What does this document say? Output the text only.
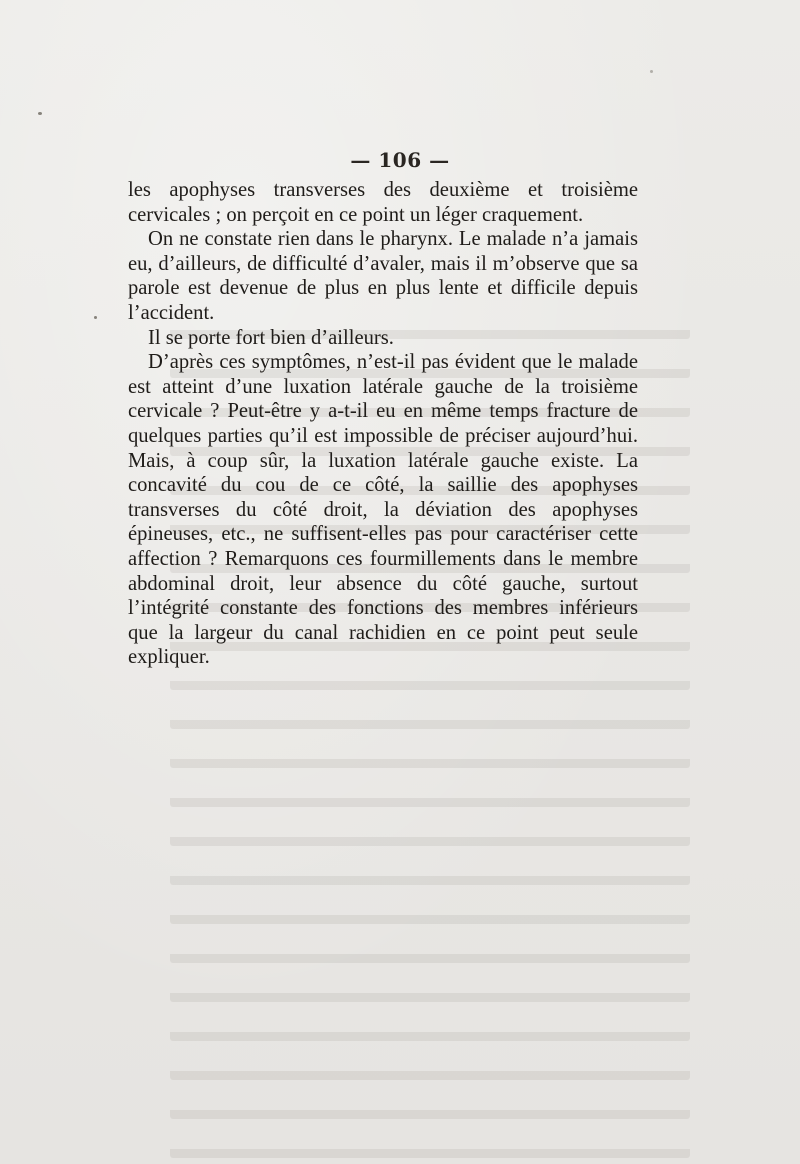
— 106 —

les apophyses transverses des deuxième et troisième cervicales ; on perçoit en ce point un léger craquement.

On ne constate rien dans le pharynx. Le malade n’a jamais eu, d’ailleurs, de difficulté d’avaler, mais il m’observe que sa parole est devenue de plus en plus lente et difficile depuis l’accident.

Il se porte fort bien d’ailleurs.

D’après ces symptômes, n’est-il pas évident que le malade est atteint d’une luxation latérale gauche de la troisième cervicale ? Peut-être y a-t-il eu en même temps fracture de quelques parties qu’il est impossible de préciser aujourd’hui. Mais, à coup sûr, la luxation latérale gauche existe. La concavité du cou de ce côté, la saillie des apophyses transverses du côté droit, la déviation des apophyses épineuses, etc., ne suffisent-elles pas pour caractériser cette affection ? Remarquons ces fourmillements dans le membre abdominal droit, leur absence du côté gauche, surtout l’intégrité constante des fonctions des membres inférieurs que la largeur du canal rachidien en ce point peut seule expliquer.
